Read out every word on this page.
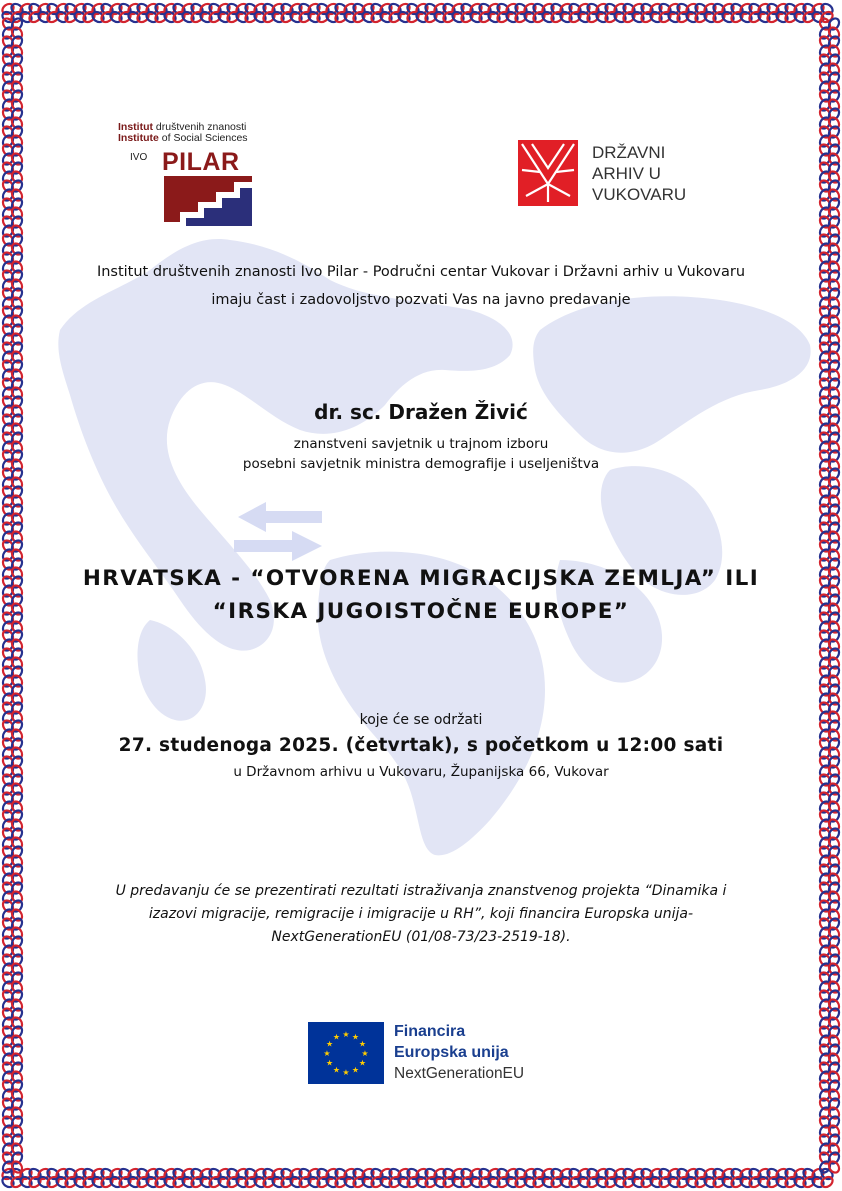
Institut društvenih znanosti
Institute of Social Sciences
IVO PILAR	DRŽAVNI
ARHIV U
VUKOVARU
Institut društvenih znanosti Ivo Pilar - Područni centar Vukovar i Državni arhiv u Vukovaru
imaju čast i zadovoljstvo pozvati Vas na javno predavanje
dr. sc. Dražen Živić
znanstveni savjetnik u trajnom izboru
posebni savjetnik ministra demografije i useljeništva
HRVATSKA - “OTVORENA MIGRACIJSKA ZEMLJA” ILI
“IRSKA JUGOISTOČNE EUROPE”
koje će se održati
27. studenoga 2025. (četvrtak), s početkom u 12:00 sati
u Državnom arhivu u Vukovaru, Županijska 66, Vukovar
U predavanju će se prezentirati rezultati istraživanja znanstvenog projekta “Dinamika i
izazovi migracije, remigracije i imigracije u RH”, koji financira Europska unija-
NextGenerationEU (01/08-73/23-2519-18).
★ ★
★
★
★
★
★
★
★
★
★
★	Financira
Europska unija
NextGenerationEU
